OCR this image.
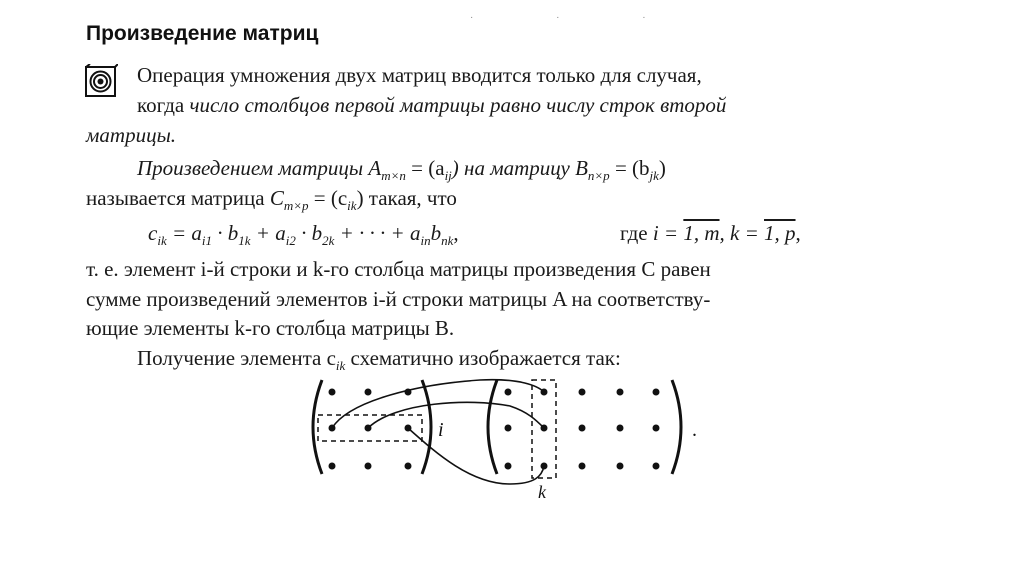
· · ·
Произведение матриц
Операция умножения двух матриц вводится только для случая,
когда число столбцов первой матрицы равно числу строк второй
матрицы.
Произведением матрицы $A_{m\times n} = (a_{ij})$ на матрицу $B_{n\times p} = (b_{jk})$
называется матрица $C_{m\times p} = (c_{ik})$ такая, что
$c_{ik} = a_{i1} \cdot b_{1k} + a_{i2} \cdot b_{2k}$ + · · · + $a_{in}b_{nk}$,	где i = 1, m, k = 1, p,
т. е. элемент i-й строки и k-го столбца матрицы произведения C равен
сумме произведений элементов i-й строки матрицы A на соответству-
ющие элементы k-го столбца матрицы B.
Получение элемента $c_{ik}$ схематично изображается так:
i
k
.
